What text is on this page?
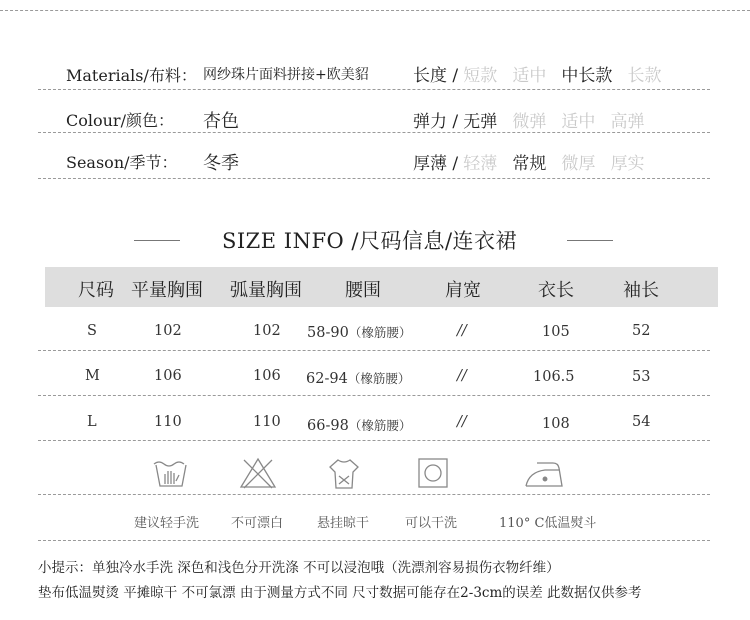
Materials/布料： 网纱珠片面料拼接+欧美貂
Colour/颜色： 杏色
Season/季节： 冬季
长度 / 短款 适中 中长款 长款
弹力 / 无弹 微弹 适中 高弹
厚薄 / 轻薄 常规 微厚 厚实
SIZE INFO /尺码信息/连衣裙
尺码 平量胸围 弧量胸围 腰围	肩宽	衣长	袖长
S	102	102 58-90（橡筋腰）	//	105	52
M	106	106 62-94（橡筋腰）	//	106.5	53
L	110	110 66-98（橡筋腰）	//	108	54
建议轻手洗 不可漂白	悬挂晾干	可以干洗	110° C低温熨斗
小提示：单独冷水手洗 深色和浅色分开洗涤 不可以浸泡哦（洗漂剂容易损伤衣物纤维）
垫布低温熨烫 平摊晾干 不可氯漂 由于测量方式不同 尺寸数据可能存在2-3cm的误差 此数据仅供参考
